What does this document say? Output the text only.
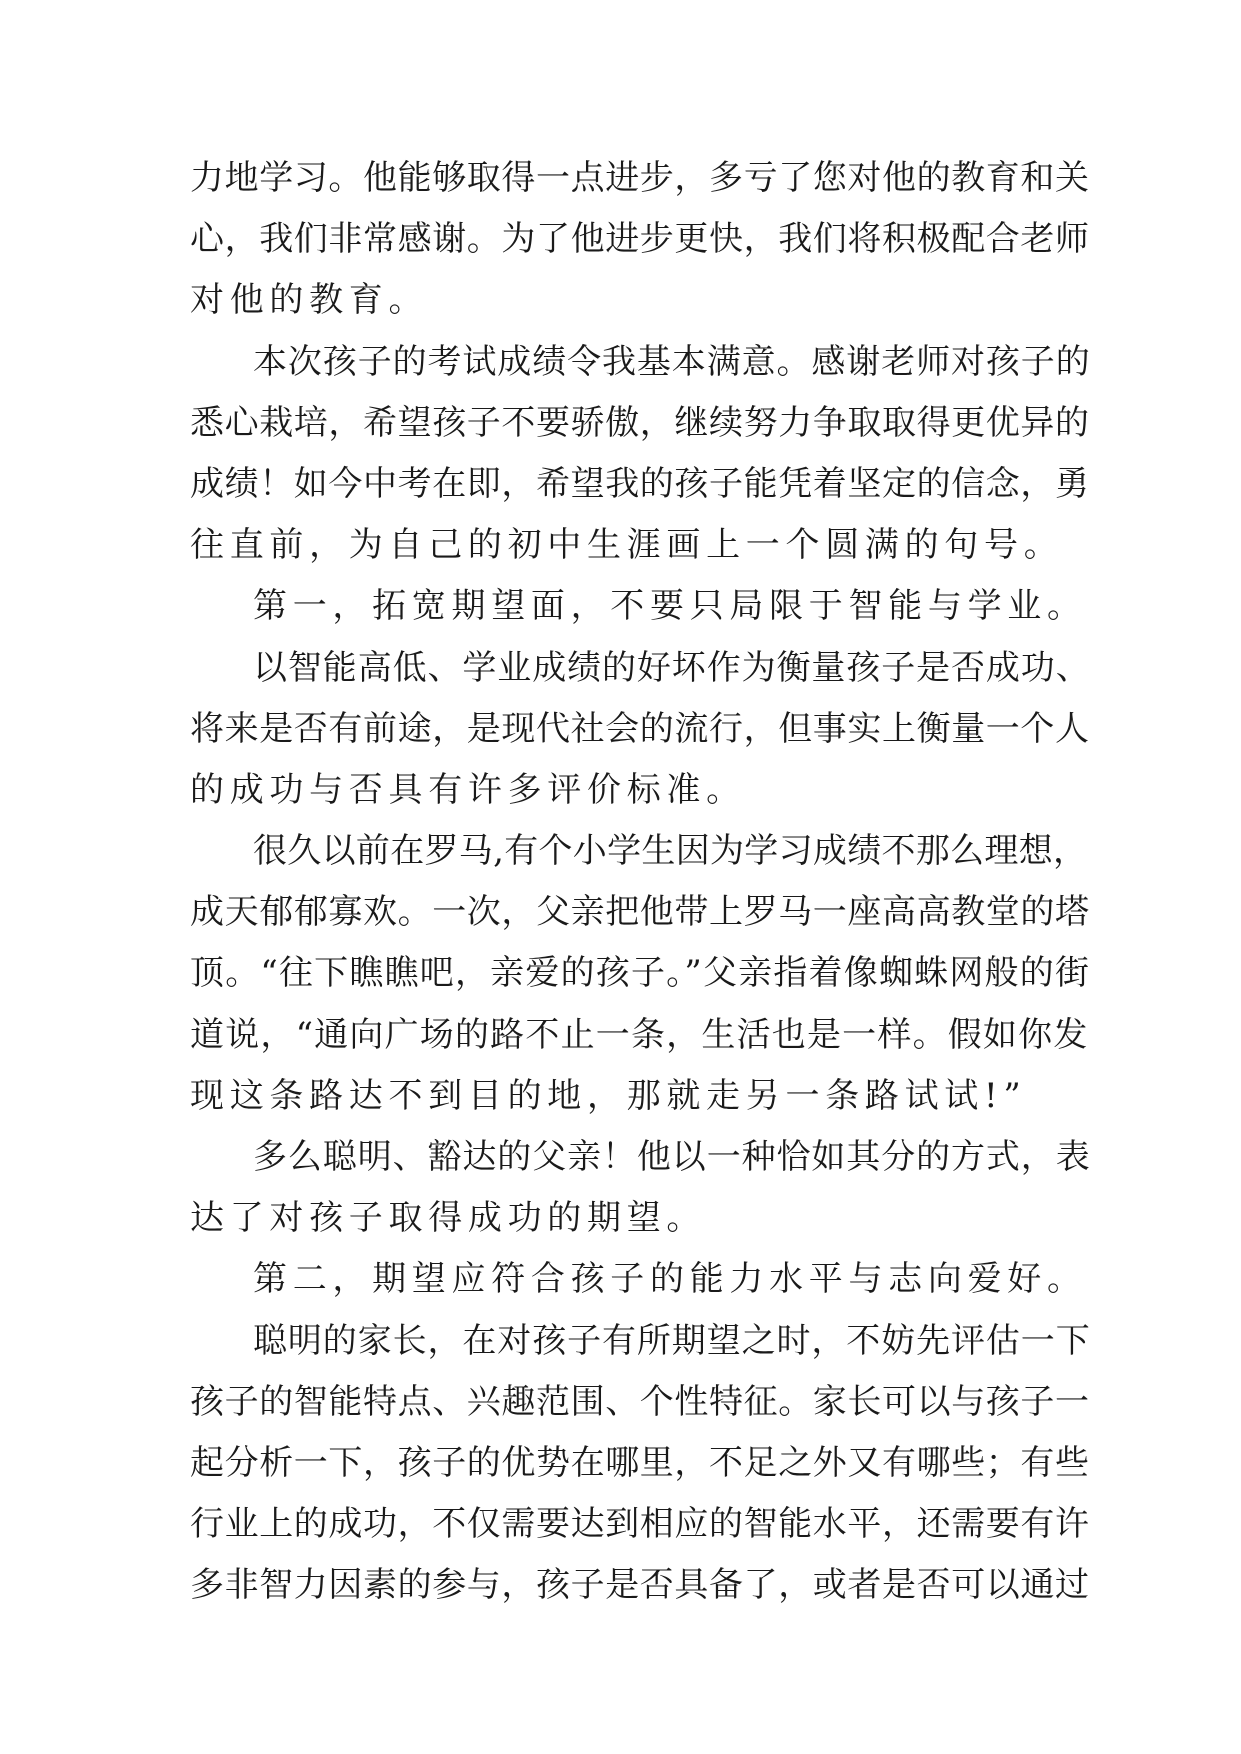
力地学习。他能够取得一点进步，多亏了您对他的教育和关
心，我们非常感谢。为了他进步更快，我们将积极配合老师
对他的教育。
本次孩子的考试成绩令我基本满意。感谢老师对孩子的
悉心栽培，希望孩子不要骄傲，继续努力争取取得更优异的
成绩！如今中考在即，希望我的孩子能凭着坚定的信念，勇
往直前，为自己的初中生涯画上一个圆满的句号。
第一，拓宽期望面，不要只局限于智能与学业。
以智能高低、学业成绩的好坏作为衡量孩子是否成功、
将来是否有前途，是现代社会的流行，但事实上衡量一个人
的成功与否具有许多评价标准。
很久以前在罗马,有个小学生因为学习成绩不那么理想，
成天郁郁寡欢。一次，父亲把他带上罗马一座高高教堂的塔
顶。“往下瞧瞧吧，亲爱的孩子。”父亲指着像蜘蛛网般的街
道说，“通向广场的路不止一条，生活也是一样。假如你发
现这条路达不到目的地，那就走另一条路试试!”
多么聪明、豁达的父亲！他以一种恰如其分的方式，表
达了对孩子取得成功的期望。
第二，期望应符合孩子的能力水平与志向爱好。
聪明的家长，在对孩子有所期望之时，不妨先评估一下
孩子的智能特点、兴趣范围、个性特征。家长可以与孩子一
起分析一下，孩子的优势在哪里，不足之外又有哪些；有些
行业上的成功，不仅需要达到相应的智能水平，还需要有许
多非智力因素的参与，孩子是否具备了，或者是否可以通过
